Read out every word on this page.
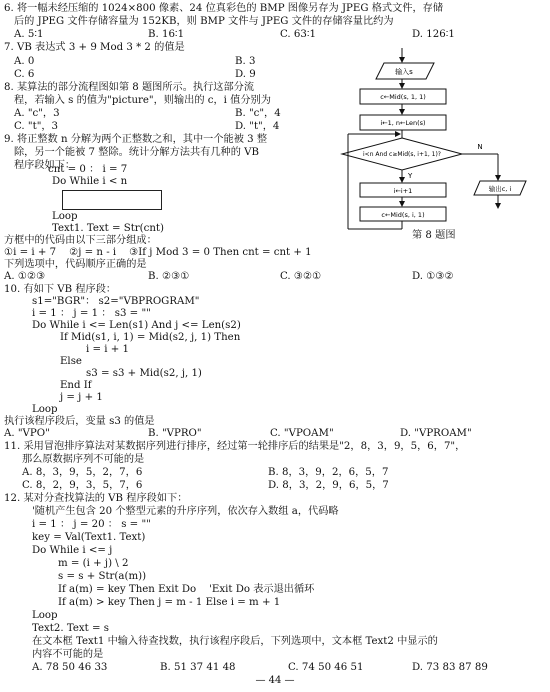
6. 将一幅未经压缩的 1024×800 像素、24 位真彩色的 BMP 图像另存为 JPEG 格式文件，存储
后的 JPEG 文件存储容量为 152KB，则 BMP 文件与 JPEG 文件的存储容量比约为
A. 5∶1	B. 16∶1	C. 63∶1	D. 126∶1
7. VB 表达式 3 + 9 Mod 3 * 2 的值是
A. 0	B. 3
C. 6	D. 9
8. 某算法的部分流程图如第 8 题图所示。执行这部分流
程，若输入 s 的值为"picture"，则输出的 c，i 值分别为
A. "c"，3	B. "c"，4
C. "t"，3	D. "t"，4
输入s
c←Mid(s, 1, 1)
i←1, n←Len(s)
i<n And c≥Mid(s, i+1, 1)?
N
输出c, i
Y
i←i+1
c←Mid(s, i, 1)
第 8 题图
9. 将正整数 n 分解为两个正整数之和，其中一个能被 3 整
除，另一个能被 7 整除。统计分解方法共有几种的 VB
程序段如下：
cnt = 0 ： i = 7
Do While i < n
Loop
Text1. Text = Str(cnt)
方框中的代码由以下三部分组成：
①i = i + 7    ②j = n - i    ③If j Mod 3 = 0 Then cnt = cnt + 1
下列选项中，代码顺序正确的是
A. ①②③	B. ②③①	C. ③②①	D. ①③②
10. 有如下 VB 程序段：
s1="BGR"： s2="VBPROGRAM"
i = 1 ： j = 1 ： s3 = ""
Do While i <= Len(s1) And j <= Len(s2)
If Mid(s1, i, 1) = Mid(s2, j, 1) Then
i = i + 1
Else
s3 = s3 + Mid(s2, j, 1)
End If
j = j + 1
Loop
执行该程序段后，变量 s3 的值是
A. "VPO"	B. "VPRO"	C. "VPOAM"	D. "VPROAM"
11. 采用冒泡排序算法对某数据序列进行排序，经过第一轮排序后的结果是"2，8，3，9，5，6，7"，
那么原数据序列不可能的是
A. 8，3，9，5，2，7，6	B. 8，3，9，2，6，5，7
C. 8，2，9，3，5，7，6	D. 8，3，2，9，6，5，7
12. 某对分查找算法的 VB 程序段如下：
'随机产生包含 20 个整型元素的升序序列，依次存入数组 a，代码略
i = 1 ： j = 20 ： s = ""
key = Val(Text1. Text)
Do While i <= j
m = (i + j) \ 2
s = s + Str(a(m))
If a(m) = key Then Exit Do    'Exit Do 表示退出循环
If a(m) > key Then j = m - 1 Else i = m + 1
Loop
Text2. Text = s
在文本框 Text1 中输入待查找数，执行该程序段后，下列选项中，文本框 Text2 中显示的
内容不可能的是
A. 78 50 46 33	B. 51 37 41 48	C. 74 50 46 51	D. 73 83 87 89
— 44 —
